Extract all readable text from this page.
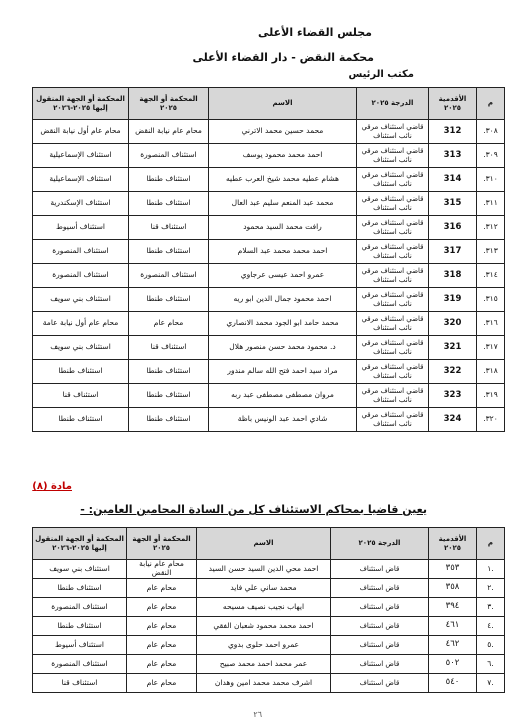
مجلس القضاء الأعلى
محكمة النقض - دار القضاء الأعلى
مكتب الرئيس
م	الأقدمية ٢٠٢٥	الدرجة ٢٠٢٥	الاسم	المحكمة أو الجهة ٢٠٢٥	المحكمة أو الجهة المنقول إليها ٢٠٢٥-٢٠٢٦
٣٠٨.	312	قاضي استئناف مرقي نائب استئناف	محمد حسين محمد الاترني	محام عام نيابة النقض	محام عام أول نيابة النقض
٣٠٩.	313	قاضي استئناف مرقي نائب استئناف	احمد محمد محمود يوسف	استئناف المنصورة	استئناف الإسماعيلية
٣١٠.	314	قاضي استئناف مرقي نائب استئناف	هشام عطيه محمد شيخ العرب عطيه	استئناف طنطا	استئناف الإسماعيلية
٣١١.	315	قاضي استئناف مرقي نائب استئناف	محمد عبد المنعم سليم عبد العال	استئناف طنطا	استئناف الإسكندرية
٣١٢.	316	قاضي استئناف مرقي نائب استئناف	رافت محمد السيد محمود	استئناف قنا	استئناف أسيوط
٣١٣.	317	قاضي استئناف مرقي نائب استئناف	احمد محمد محمد عبد السلام	استئناف طنطا	استئناف المنصورة
٣١٤.	318	قاضي استئناف مرقي نائب استئناف	عمرو احمد عيسى عرجاوي	استئناف المنصورة	استئناف المنصورة
٣١٥.	319	قاضي استئناف مرقي نائب استئناف	احمد محمود جمال الدين ابو ريه	استئناف طنطا	استئناف بني سويف
٣١٦.	320	قاضي استئناف مرقي نائب استئناف	محمد حامد ابو الجود محمد الانصاري	محام عام	محام عام أول نيابة عامة
٣١٧.	321	قاضي استئناف مرقي نائب استئناف	د. محمود محمد حسن منصور هلال	استئناف قنا	استئناف بني سويف
٣١٨.	322	قاضي استئناف مرقي نائب استئناف	مراد سيد احمد فتح الله سالم مندور	استئناف طنطا	استئناف طنطا
٣١٩.	323	قاضي استئناف مرقي نائب استئناف	مروان مصطفى مصطفى عبد ربه	استئناف طنطا	استئناف قنا
٣٢٠.	324	قاضي استئناف مرقي نائب استئناف	شادي احمد عبد الونيس باظة	استئناف طنطا	استئناف طنطا
مادة (٨)
يعين قاضيا بمحاكم الاستئناف كل من السادة المحامين العامين: -
م	الأقدمية ٢٠٢٥	الدرجة ٢٠٢٥	الاسم	المحكمة أو الجهة ٢٠٢٥	المحكمة أو الجهة المنقول إليها ٢٠٢٥-٢٠٢٦
.١	٣٥٣	قاض استئناف	احمد محي الدين السيد حسن السيد	محام عام نيابة النقض	استئناف بني سويف
.٢	٣٥٨	قاض استئناف	محمد ساني علي فايد	محام عام	استئناف طنطا
.٣	٣٩٤	قاض استئناف	ايهاب نجيب نصيف مسيحه	محام عام	استئناف المنصورة
.٤	٤٦١	قاض استئناف	احمد محمد محمود شعبان الفقي	محام عام	استئناف طنطا
.٥	٤٦٢	قاض استئناف	عمرو احمد حلوى بدوي	محام عام	استئناف أسيوط
.٦	٥٠٢	قاض استئناف	عمر محمد احمد محمد صبيح	محام عام	استئناف المنصورة
.٧	٥٤٠	قاض استئناف	اشرف محمد محمد امين وهدان	محام عام	استئناف قنا
٢٦
